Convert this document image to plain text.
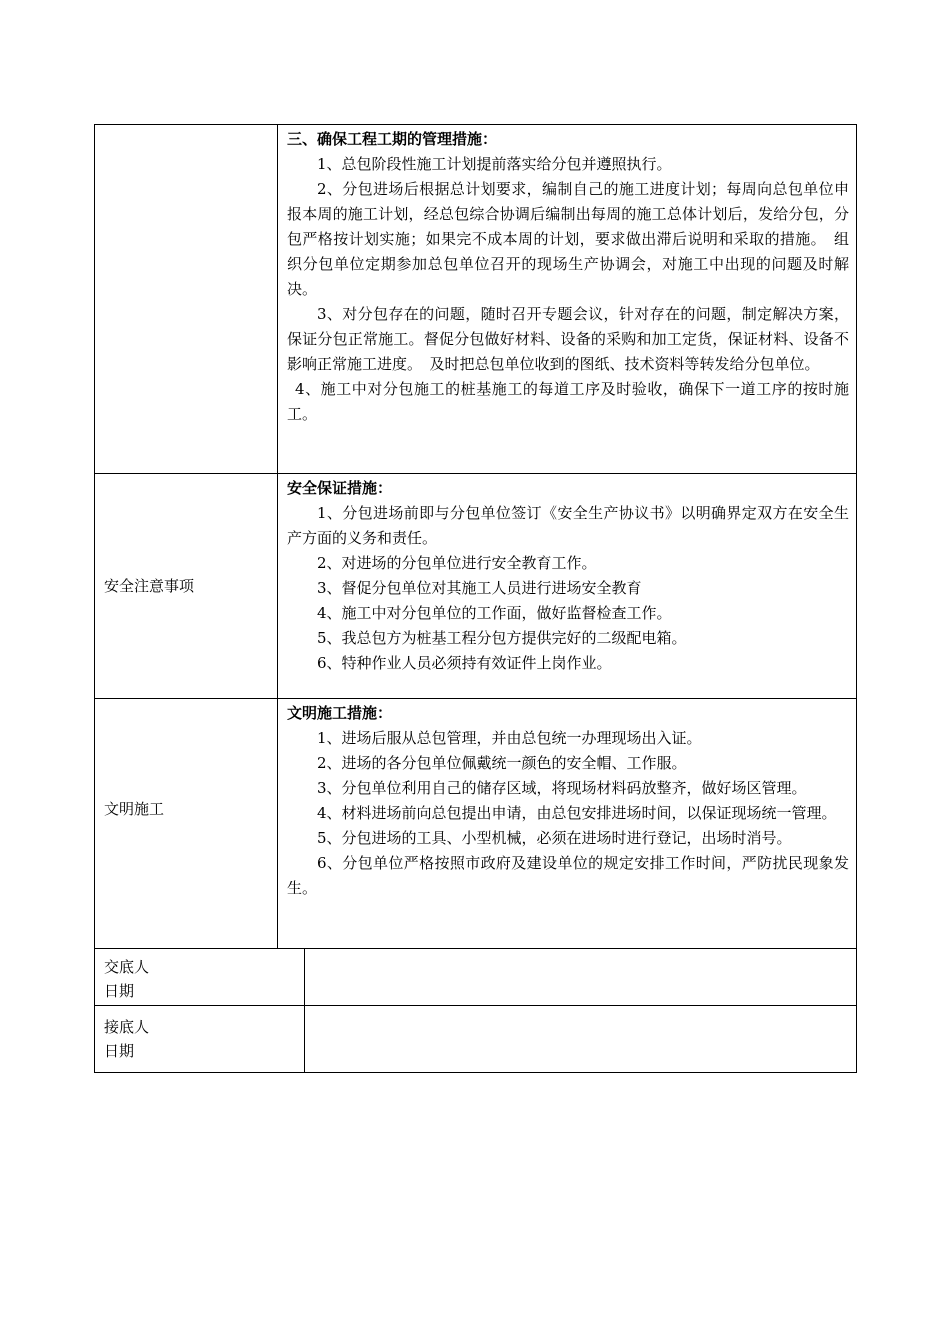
三、确保工程工期的管理措施：

1、总包阶段性施工计划提前落实给分包并遵照执行。

2、分包进场后根据总计划要求，编制自己的施工进度计划；每周向总包单位申报本周的施工计划，经总包综合协调后编制出每周的施工总体计划后，发给分包，分包严格按计划实施；如果完不成本周的计划，要求做出滞后说明和采取的措施。　组织分包单位定期参加总包单位召开的现场生产协调会，对施工中出现的问题及时解决。

3、对分包存在的问题，随时召开专题会议，针对存在的问题，制定解决方案，保证分包正常施工。督促分包做好材料、设备的采购和加工定货，保证材料、设备不影响正常施工进度。　及时把总包单位收到的图纸、技术资料等转发给分包单位。

4、施工中对分包施工的桩基施工的每道工序及时验收，确保下一道工序的按时施工。

安全注意事项

安全保证措施：

1、分包进场前即与分包单位签订《安全生产协议书》以明确界定双方在安全生产方面的义务和责任。

2、对进场的分包单位进行安全教育工作。

3、督促分包单位对其施工人员进行进场安全教育

4、施工中对分包单位的工作面，做好监督检查工作。

5、我总包方为桩基工程分包方提供完好的二级配电箱。

6、特种作业人员必须持有效证件上岗作业。

文明施工

文明施工措施：

1、进场后服从总包管理，并由总包统一办理现场出入证。

2、进场的各分包单位佩戴统一颜色的安全帽、工作服。

3、分包单位利用自己的储存区域，将现场材料码放整齐，做好场区管理。

4、材料进场前向总包提出申请，由总包安排进场时间，以保证现场统一管理。

5、分包进场的工具、小型机械，必须在进场时进行登记，出场时消号。

6、分包单位严格按照市政府及建设单位的规定安排工作时间，严防扰民现象发生。

交底人
日期
接底人
日期
